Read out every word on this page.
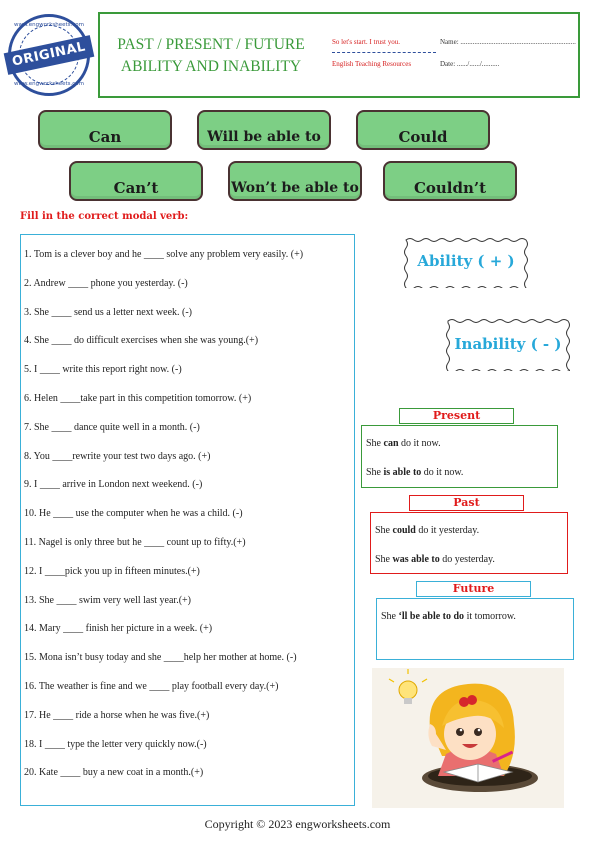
www.engworksheets.com
ORIGINAL
www.engworksheets.com
PAST / PRESENT / FUTURE
ABILITY AND INABILITY
So let's start. I trust you.
English Teaching Resources
Name: ..................................................................
Date: ....../....../..........
Can	Will be able to	Could
Can’t	Won’t be able to	Couldn’t
Fill in the correct modal verb:
1. Tom is a clever boy and he ____ solve any problem very easily. (+)
2. Andrew ____ phone you yesterday. (-)
3. She ____ send us a letter next week. (-)
4. She ____ do difficult exercises when she was young.(+)
5. I ____ write this report right now. (-)
6. Helen ____take part in this competition tomorrow. (+)
7. She ____ dance quite well in a month. (-)
8. You ____rewrite your test two days ago. (+)
9. I ____ arrive in London next weekend. (-)
10. He ____ use the computer when he was a child. (-)
11. Nagel is only three but he ____ count up to fifty.(+)
12. I ____pick you up in fifteen minutes.(+)
13. She ____ swim very well last year.(+)
14. Mary ____ finish her picture in a week. (+)
15. Mona isn’t busy today and she ____help her mother at home. (-)
16. The weather is fine and we ____ play football every day.(+)
17. He ____ ride a horse when he was five.(+)
18. I ____ type the letter very quickly now.(-)
20. Kate ____ buy a new coat in a month.(+)
Ability ( + )
Inability ( - )
She can do it now.
She is able to do it now.
Present
She could do it yesterday.
She was able to do yesterday.
Past
She ‘ll be able to do it tomorrow.
Future
Copyright © 2023 engworksheets.com
